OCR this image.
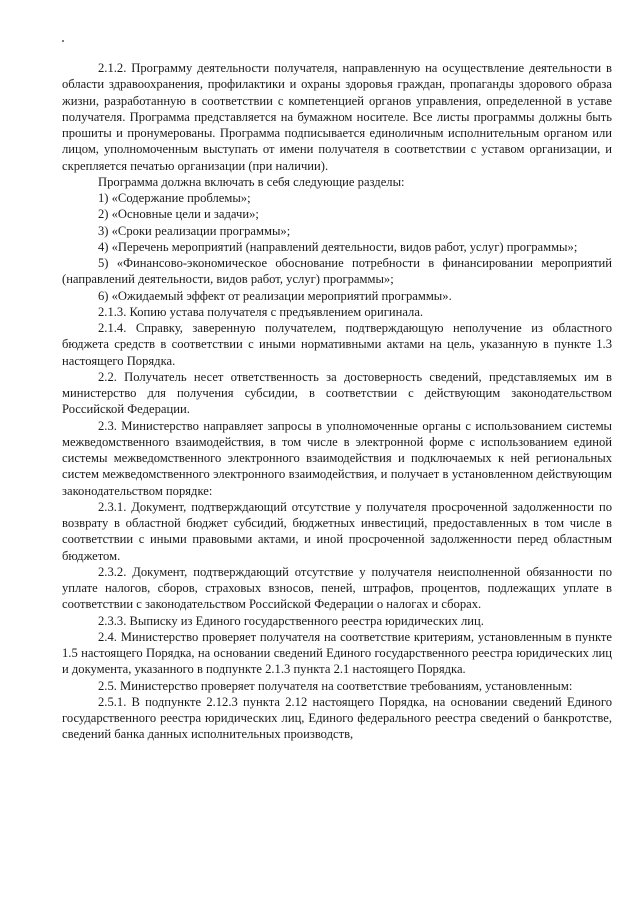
2.1.2. Программу деятельности получателя, направленную на осуществление деятельности в области здравоохранения, профилактики и охраны здоровья граждан, пропаганды здорового образа жизни, разработанную в соответствии с компетенцией органов управления, определенной в уставе получателя. Программа представляется на бумажном носителе. Все листы программы должны быть прошиты и пронумерованы. Программа подписывается единоличным исполнительным органом или лицом, уполномоченным выступать от имени получателя в соответствии с уставом организации, и скрепляется печатью организации (при наличии).

Программа должна включать в себя следующие разделы:

1) «Содержание проблемы»;

2) «Основные цели и задачи»;

3) «Сроки реализации программы»;

4) «Перечень мероприятий (направлений деятельности, видов работ, услуг) программы»;

5) «Финансово-экономическое обоснование потребности в финансировании мероприятий (направлений деятельности, видов работ, услуг) программы»;

6) «Ожидаемый эффект от реализации мероприятий программы».

2.1.3. Копию устава получателя с предъявлением оригинала.

2.1.4. Справку, заверенную получателем, подтверждающую неполучение из областного бюджета средств в соответствии с иными нормативными актами на цель, указанную в пункте 1.3 настоящего Порядка.

2.2. Получатель несет ответственность за достоверность сведений, представляемых им в министерство для получения субсидии, в соответствии с действующим законодательством Российской Федерации.

2.3. Министерство направляет запросы в уполномоченные органы с использованием системы межведомственного взаимодействия, в том числе в электронной форме с использованием единой системы межведомственного электронного взаимодействия и подключаемых к ней региональных систем межведомственного электронного взаимодействия, и получает в установленном действующим законодательством порядке:

2.3.1. Документ, подтверждающий отсутствие у получателя просроченной задолженности по возврату в областной бюджет субсидий, бюджетных инвестиций, предоставленных в том числе в соответствии с иными правовыми актами, и иной просроченной задолженности перед областным бюджетом.

2.3.2. Документ, подтверждающий отсутствие у получателя неисполненной обязанности по уплате налогов, сборов, страховых взносов, пеней, штрафов, процентов, подлежащих уплате в соответствии с законодательством Российской Федерации о налогах и сборах.

2.3.3. Выписку из Единого государственного реестра юридических лиц.

2.4. Министерство проверяет получателя на соответствие критериям, установленным в пункте 1.5 настоящего Порядка, на основании сведений Единого государственного реестра юридических лиц и документа, указанного в подпункте 2.1.3 пункта 2.1 настоящего Порядка.

2.5. Министерство проверяет получателя на соответствие требованиям, установленным:

2.5.1. В подпункте 2.12.3 пункта 2.12 настоящего Порядка, на основании сведений Единого государственного реестра юридических лиц, Единого федерального реестра сведений о банкротстве, сведений банка данных исполнительных производств,
